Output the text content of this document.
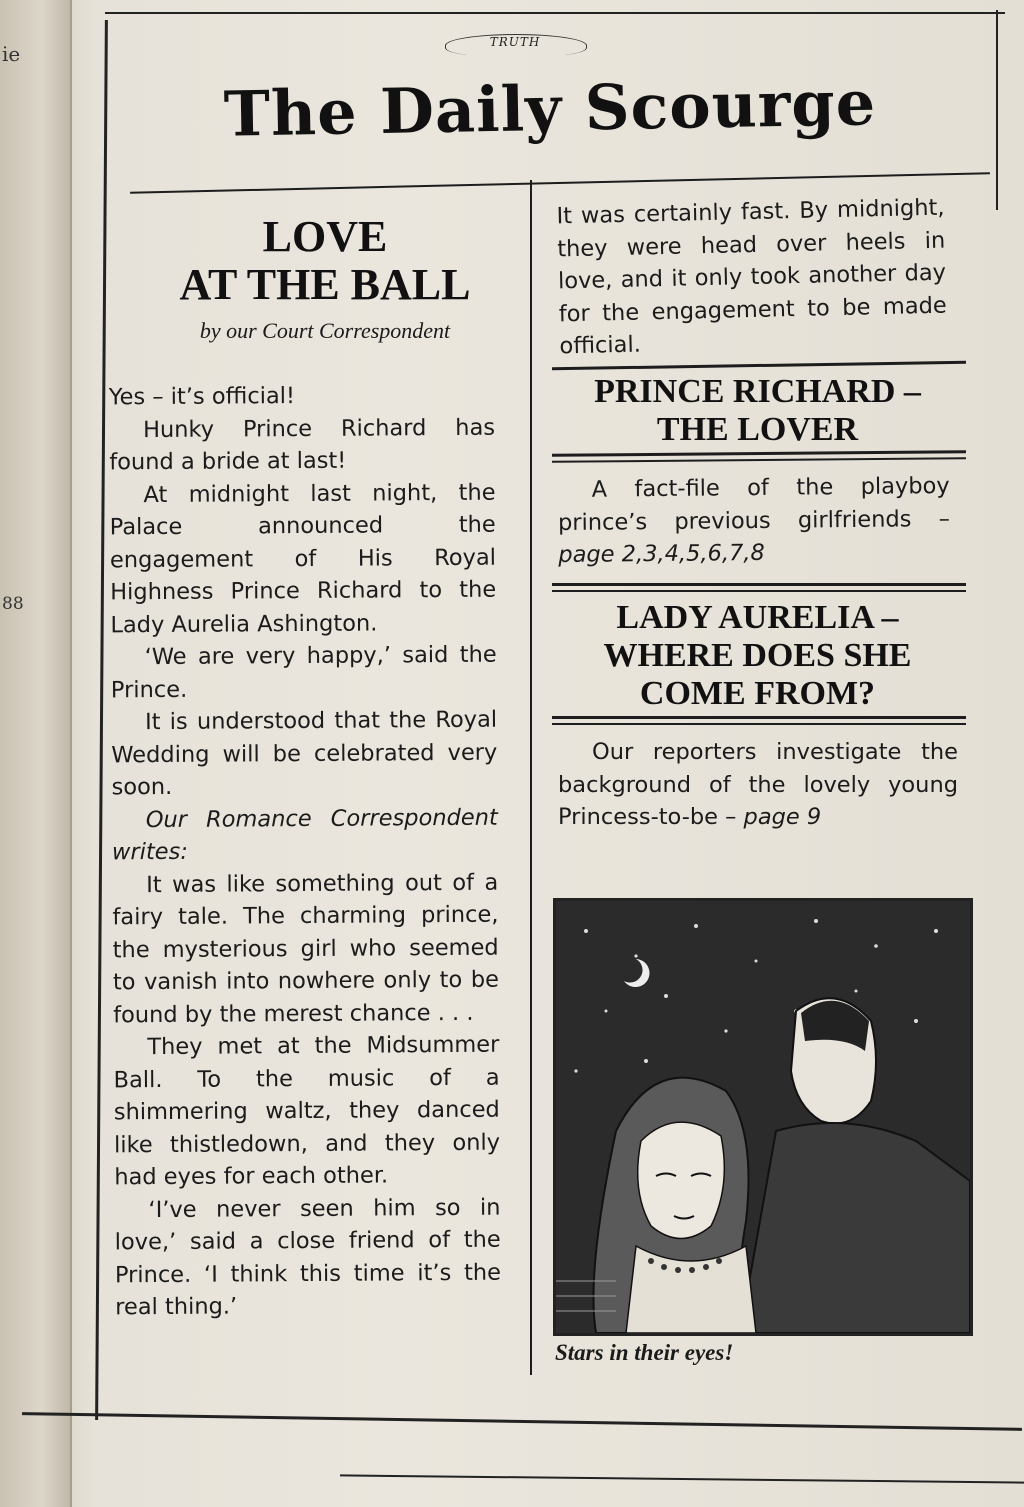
ie
88
TRUTH
The Daily Scourge
LOVE
AT THE BALL
by our Court Correspondent

Yes – it’s official!

Hunky Prince Richard has found a bride at last!

At midnight last night, the Palace announced the engagement of His Royal Highness Prince Richard to the Lady Aurelia Ashington.

‘We are very happy,’ said the Prince.

It is understood that the Royal Wedding will be celebrated very soon.

Our Romance Correspondent writes:

It was like something out of a fairy tale. The charming prince, the mysterious girl who seemed to vanish into nowhere only to be found by the merest chance . . .

They met at the Midsummer Ball. To the music of a shimmering waltz, they danced like thistledown, and they only had eyes for each other.

‘I’ve never seen him so in love,’ said a close friend of the Prince. ‘I think this time it’s the real thing.’

It was certainly fast. By midnight, they were head over heels in love, and it only took another day for the engagement to be made official.

PRINCE RICHARD –
THE LOVER
A fact-file of the playboy prince’s previous girlfriends – page 2,3,4,5,6,7,8
LADY AURELIA –
WHERE DOES SHE
COME FROM?
Our reporters investigate the background of the lovely young Princess-to-be – page 9
Stars in their eyes!
